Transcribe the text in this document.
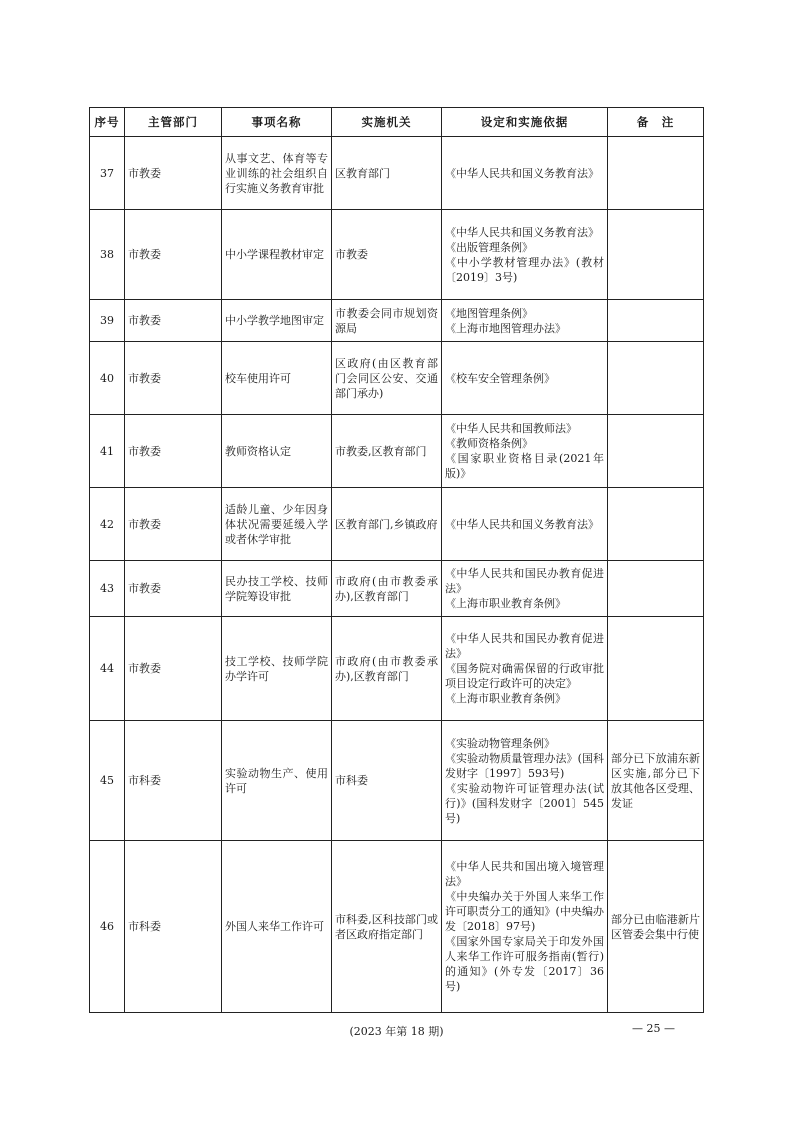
序号	主管部门	事项名称	实施机关	设定和实施依据	备　注
37	市教委	从事文艺、体育等专业训练的社会组织自行实施义务教育审批	区教育部门	《中华人民共和国义务教育法》	

38	市教委	中小学课程教材审定	市教委	《中华人民共和国义务教育法》
《出版管理条例》
《中小学教材管理办法》(教材〔2019〕3号)	

39	市教委	中小学教学地图审定	市教委会同市规划资源局	《地图管理条例》
《上海市地图管理办法》	

40	市教委	校车使用许可	区政府(由区教育部门会同区公安、交通部门承办)	《校车安全管理条例》	

41	市教委	教师资格认定	市教委,区教育部门	《中华人民共和国教师法》
《教师资格条例》
《国家职业资格目录(2021年版)》	

42	市教委	适龄儿童、少年因身体状况需要延缓入学或者休学审批	区教育部门,乡镇政府	《中华人民共和国义务教育法》	

43	市教委	民办技工学校、技师学院筹设审批	市政府(由市教委承办),区教育部门	《中华人民共和国民办教育促进法》
《上海市职业教育条例》	

44	市教委	技工学校、技师学院办学许可	市政府(由市教委承办),区教育部门	《中华人民共和国民办教育促进法》
《国务院对确需保留的行政审批项目设定行政许可的决定》
《上海市职业教育条例》	

45	市科委	实验动物生产、使用许可	市科委	《实验动物管理条例》
《实验动物质量管理办法》(国科发财字〔1997〕593号)
《实验动物许可证管理办法(试行)》(国科发财字〔2001〕545号)	部分已下放浦东新区实施,部分已下放其他各区受理、发证
46	市科委	外国人来华工作许可	市科委,区科技部门或者区政府指定部门	《中华人民共和国出境入境管理法》
《中央编办关于外国人来华工作许可职责分工的通知》(中央编办发〔2018〕97号)
《国家外国专家局关于印发外国人来华工作许可服务指南(暂行)的通知》(外专发〔2017〕36号)	部分已由临港新片区管委会集中行使
(2023 年第 18 期)	— 25 —
